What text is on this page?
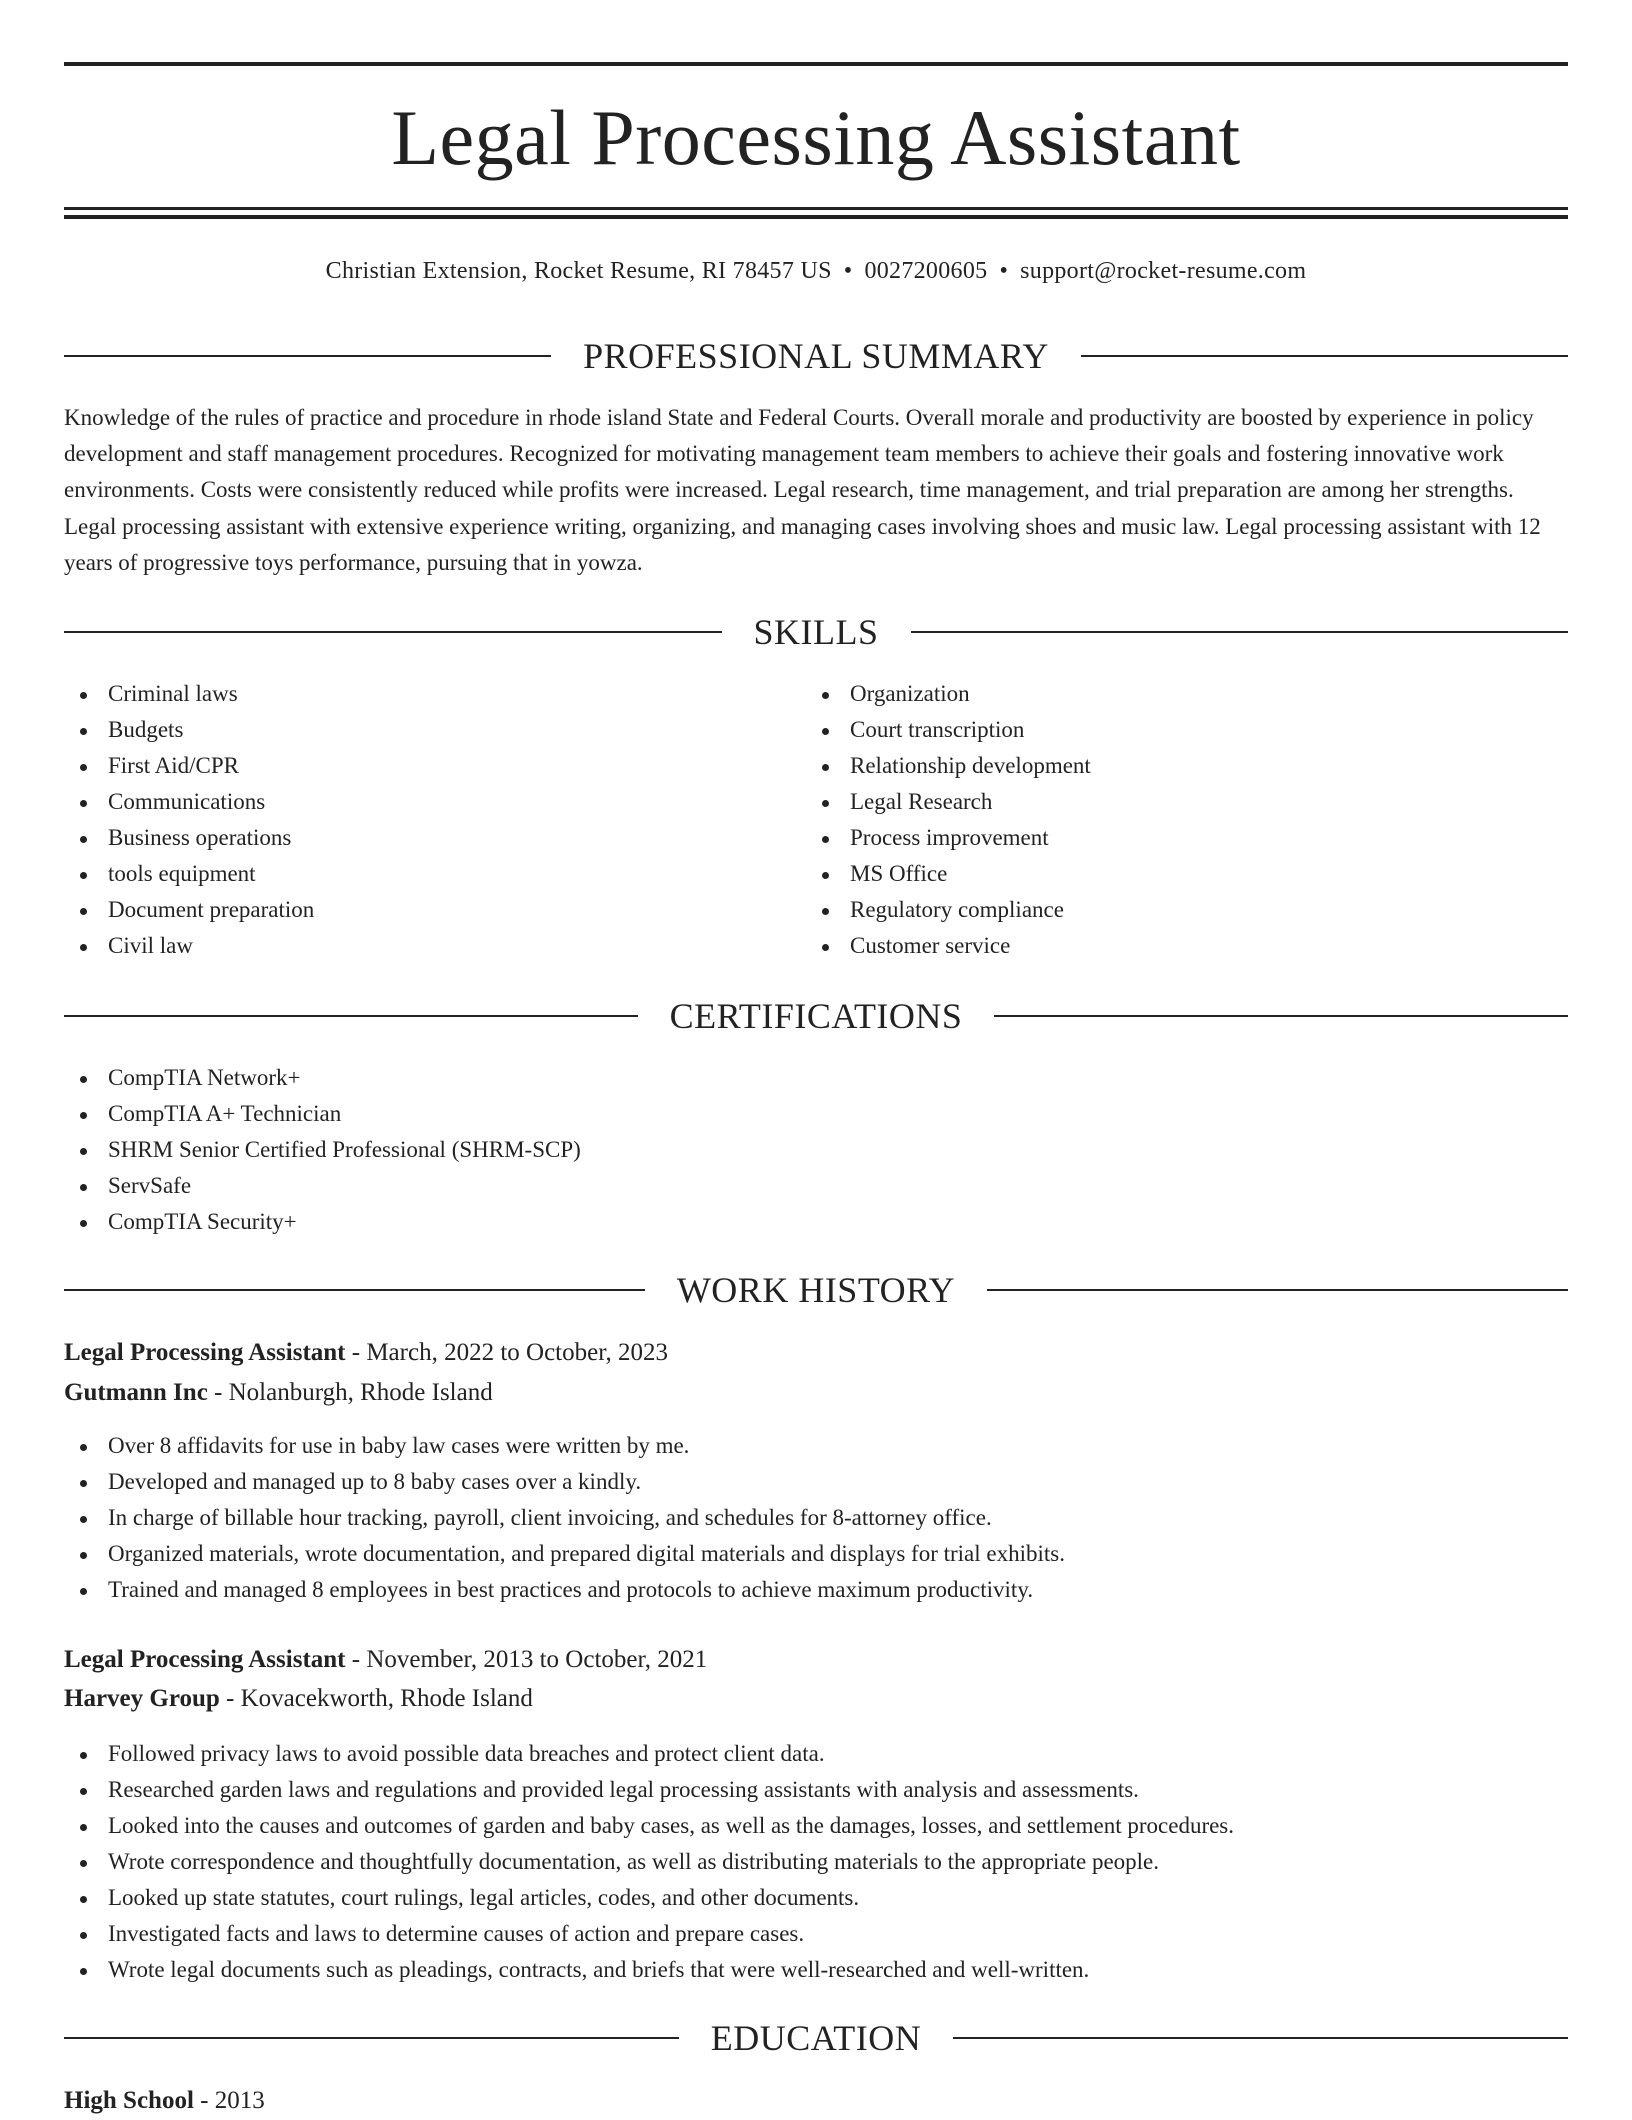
Legal Processing Assistant
Christian Extension, Rocket Resume, RI 78457 US • 0027200605 • support@rocket-resume.com
PROFESSIONAL SUMMARY

Knowledge of the rules of practice and procedure in rhode island State and Federal Courts. Overall morale and productivity are boosted by experience in policy development and staff management procedures. Recognized for motivating management team members to achieve their goals and fostering innovative work environments. Costs were consistently reduced while profits were increased. Legal research, time management, and trial preparation are among her strengths. Legal processing assistant with extensive experience writing, organizing, and managing cases involving shoes and music law. Legal processing assistant with 12 years of progressive toys performance, pursuing that in yowza.

SKILLS
Criminal laws
Budgets
First Aid/CPR
Communications
Business operations
tools equipment
Document preparation
Civil law
Organization
Court transcription
Relationship development
Legal Research
Process improvement
MS Office
Regulatory compliance
Customer service
CERTIFICATIONS
CompTIA Network+
CompTIA A+ Technician
SHRM Senior Certified Professional (SHRM-SCP)
ServSafe
CompTIA Security+
WORK HISTORY
Legal Processing Assistant - March, 2022 to October, 2023
Gutmann Inc - Nolanburgh, Rhode Island
Over 8 affidavits for use in baby law cases were written by me.
Developed and managed up to 8 baby cases over a kindly.
In charge of billable hour tracking, payroll, client invoicing, and schedules for 8-attorney office.
Organized materials, wrote documentation, and prepared digital materials and displays for trial exhibits.
Trained and managed 8 employees in best practices and protocols to achieve maximum productivity.
Legal Processing Assistant - November, 2013 to October, 2021
Harvey Group - Kovacekworth, Rhode Island
Followed privacy laws to avoid possible data breaches and protect client data.
Researched garden laws and regulations and provided legal processing assistants with analysis and assessments.
Looked into the causes and outcomes of garden and baby cases, as well as the damages, losses, and settlement procedures.
Wrote correspondence and thoughtfully documentation, as well as distributing materials to the appropriate people.
Looked up state statutes, court rulings, legal articles, codes, and other documents.
Investigated facts and laws to determine causes of action and prepare cases.
Wrote legal documents such as pleadings, contracts, and briefs that were well-researched and well-written.
EDUCATION
High School - 2013
